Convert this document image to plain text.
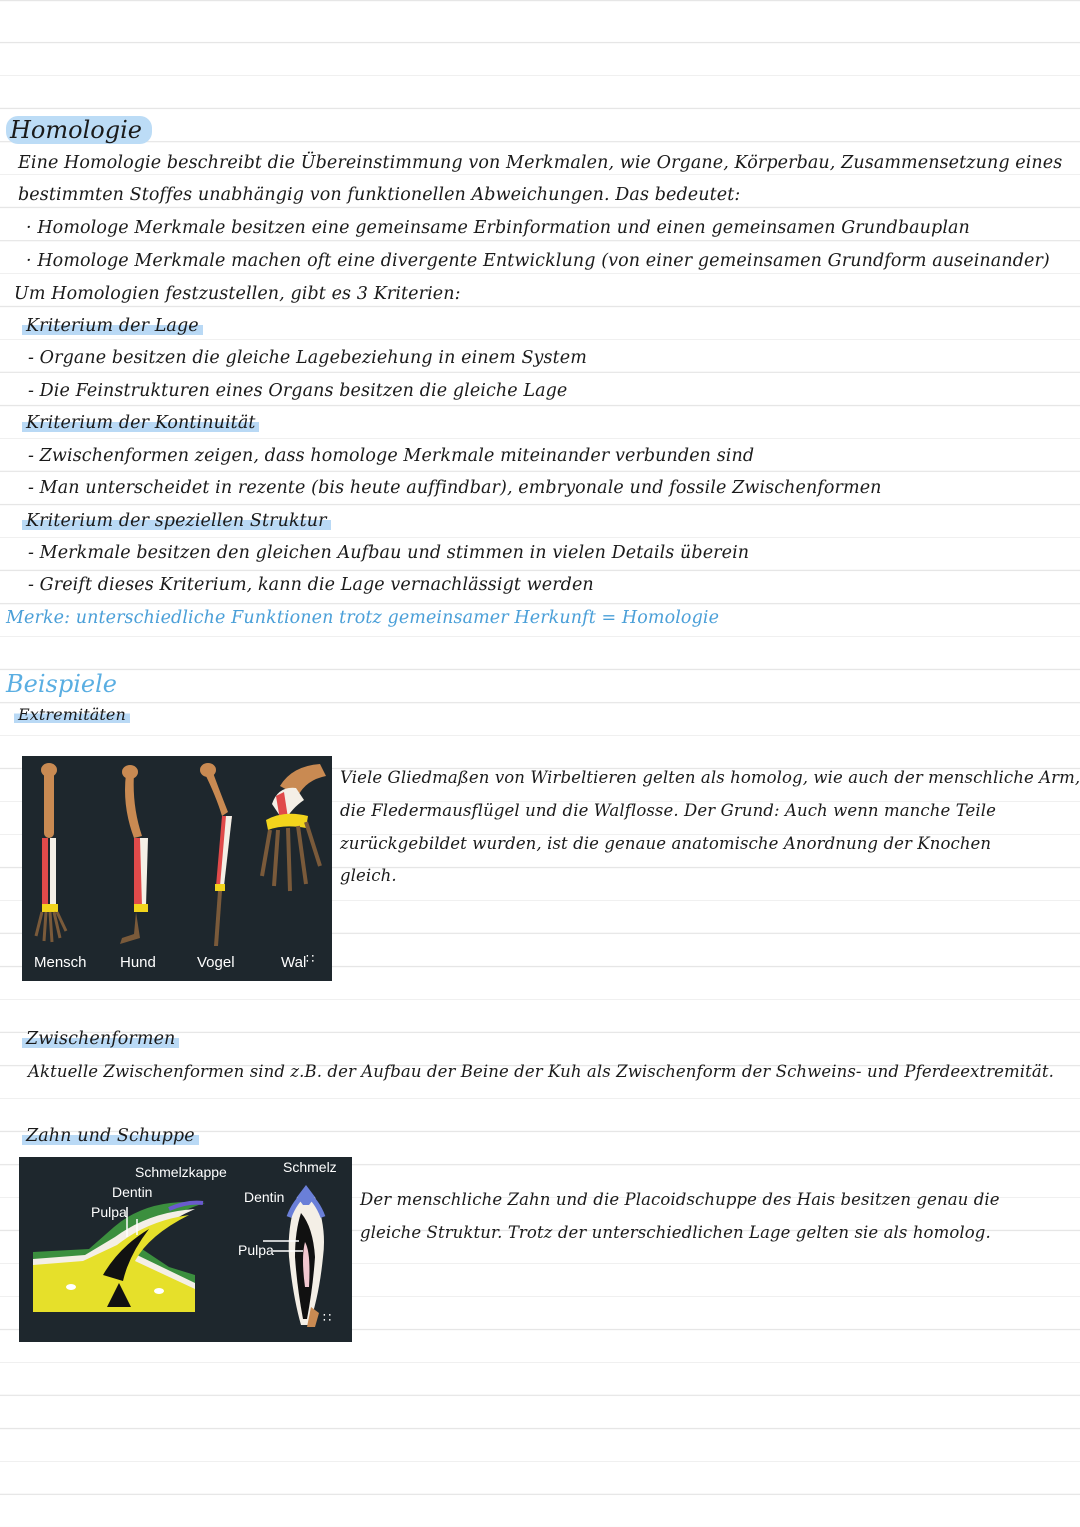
Homologie
Eine Homologie beschreibt die Übereinstimmung von Merkmalen, wie Organe, Körperbau, Zusammensetzung eines
bestimmten Stoffes unabhängig von funktionellen Abweichungen. Das bedeutet:
· Homologe Merkmale besitzen eine gemeinsame Erbinformation und einen gemeinsamen Grundbauplan
· Homologe Merkmale machen oft eine divergente Entwicklung (von einer gemeinsamen Grundform auseinander)
Um Homologien festzustellen, gibt es 3 Kriterien:
Kriterium der Lage
- Organe besitzen die gleiche Lagebeziehung in einem System
- Die Feinstrukturen eines Organs besitzen die gleiche Lage
Kriterium der Kontinuität
- Zwischenformen zeigen, dass homologe Merkmale miteinander verbunden sind
- Man unterscheidet in rezente (bis heute auffindbar), embryonale und fossile Zwischenformen
Kriterium der speziellen Struktur
- Merkmale besitzen den gleichen Aufbau und stimmen in vielen Details überein
- Greift dieses Kriterium, kann die Lage vernachlässigt werden
Merke: unterschiedliche Funktionen trotz gemeinsamer Herkunft = Homologie
Beispiele
Extremitäten
Mensch Hund	Vogel	Wal ∷
Viele Gliedmaßen von Wirbeltieren gelten als homolog, wie auch der menschliche Arm,
die Fledermausflügel und die Walflosse. Der Grund: Auch wenn manche Teile
zurückgebildet wurden, ist die genaue anatomische Anordnung der Knochen
gleich.
Zwischenformen
Aktuelle Zwischenformen sind z.B. der Aufbau der Beine der Kuh als Zwischenform der Schweins- und Pferdeextremität.
Zahn und Schuppe
Schmelzkappe
Dentin
Pulpa
Schmelz
Dentin
Pulpa
∷
Der menschliche Zahn und die Placoidschuppe des Hais besitzen genau die
gleiche Struktur. Trotz der unterschiedlichen Lage gelten sie als homolog.
